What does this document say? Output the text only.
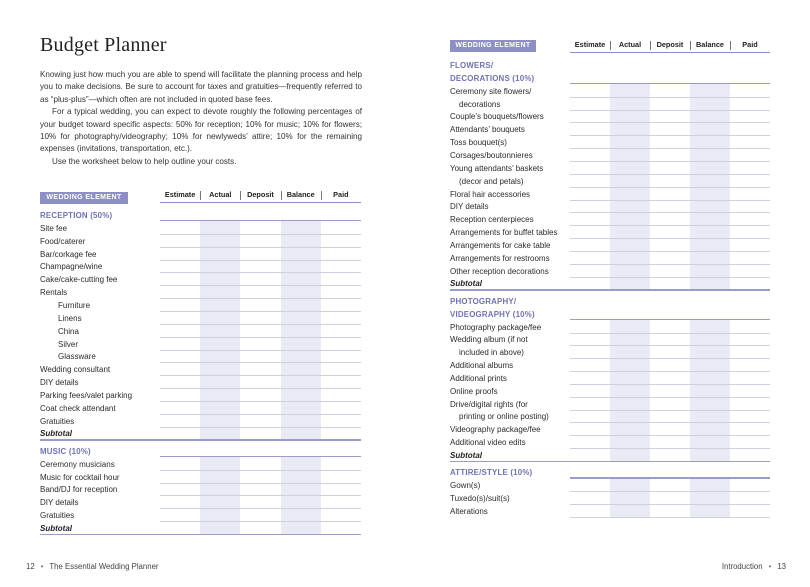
Budget Planner

Knowing just how much you are able to spend will facilitate the planning process and help you to make decisions. Be sure to account for taxes and gratuities—frequently referred to as “plus-plus”—which often are not included in quoted base fees.

For a typical wedding, you can expect to devote roughly the following percentages of your budget toward specific aspects: 50% for reception; 10% for music; 10% for flowers; 10% for photography/videography; 10% for newlyweds’ attire; 10% for the remaining expenses (invitations, transportation, etc.).

Use the worksheet below to help outline your costs.

WEDDING ELEMENT
WEDDING ELEMENT
Estimate	Actual	Deposit	Balance	Paid
RECEPTION (50%)
Site fee
Food/caterer
Bar/corkage fee
Champagne/wine
Cake/cake-cutting fee
Rentals
Furniture
Linens
China
Silver
Glassware
Wedding consultant
DIY details
Parking fees/valet parking
Coat check attendant
Gratuities
Subtotal
MUSIC (10%)
Ceremony musicians
Music for cocktail hour
Band/DJ for reception
DIY details
Gratuities
Subtotal
Estimate	Actual	Deposit	Balance	Paid
FLOWERS/
DECORATIONS (10%)
Ceremony site flowers/
decorations
Couple’s bouquets/flowers
Attendants’ bouquets
Toss bouquet(s)
Corsages/boutonnieres
Young attendants’ baskets
(decor and petals)
Floral hair accessories
DIY details
Reception centerpieces
Arrangements for buffet tables
Arrangements for cake table
Arrangements for restrooms
Other reception decorations
Subtotal
PHOTOGRAPHY/
VIDEOGRAPHY (10%)
Photography package/fee
Wedding album (if not
included in above)
Additional albums
Additional prints
Online proofs
Drive/digital rights (for
printing or online posting)
Videography package/fee
Additional video edits
Subtotal
ATTIRE/STYLE (10%)
Gown(s)
Tuxedo(s)/suit(s)
Alterations
12 • The Essential Wedding Planner	Introduction • 13
